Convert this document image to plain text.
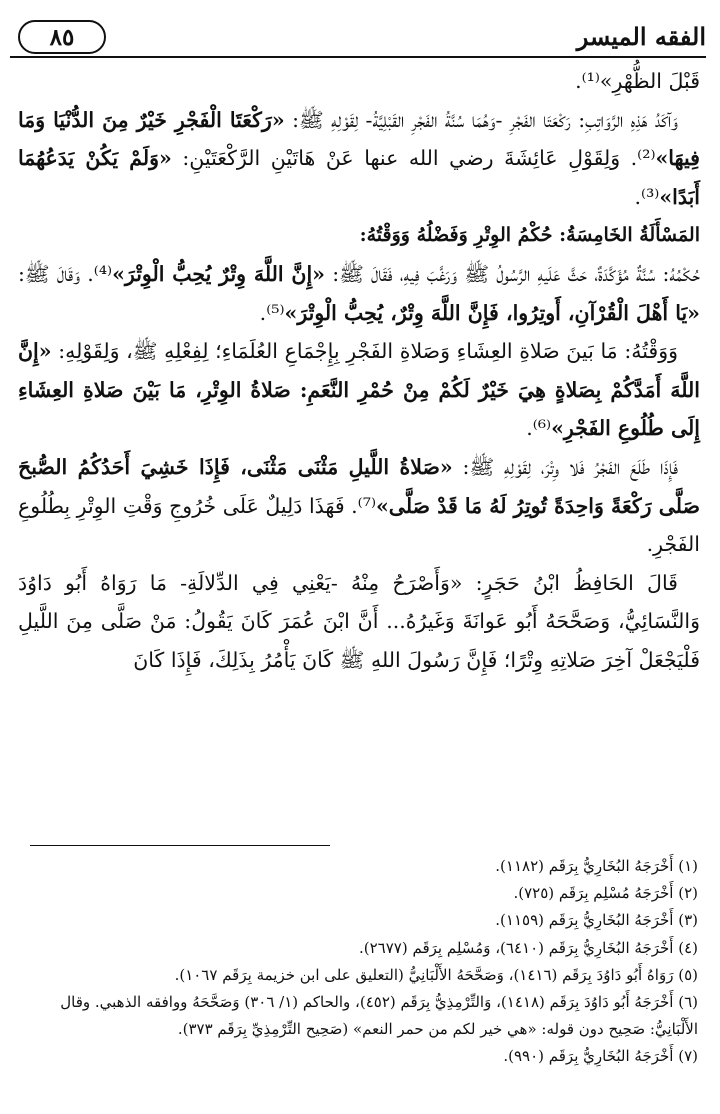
٨٥	الفقه الميسر

قَبْلَ الظُّهْرِ»⁽¹⁾.

وَآكَدُ هَذِهِ الرَّوَاتِبِ: رَكْعَتَا الفَجْرِ -وَهُمَا سُنَّةُ الفَجْرِ القَبْلِيَّةُ- لِقَوْلِهِ ﷺ: «رَكْعَتَا الْفَجْرِ خَيْرٌ مِنَ الدُّنْيَا وَمَا فِيهَا»⁽²⁾. وَلِقَوْلِ عَائِشَةَ رضي الله عنها عَنْ هَاتَيْنِ الرَّكْعَتَيْنِ: «وَلَمْ يَكُنْ يَدَعُهُمَا أَبَدًا»⁽³⁾.

المَسْأَلَةُ الخَامِسَةُ: حُكْمُ الوِتْرِ وَفَضْلُهُ وَوَقْتُهُ:

حُكْمُهُ: سُنَّةٌ مُؤَكَّدَةٌ، حَثَّ عَلَيهِ الرَّسُولُ ﷺ وَرَغَّبَ فِيهِ، فَقَالَ ﷺ: «إِنَّ اللَّهَ وِتْرٌ يُحِبُّ الْوِتْرَ»⁽⁴⁾. وَقَالَ ﷺ: «يَا أَهْلَ الْقُرْآنِ، أَوتِرُوا، فَإِنَّ اللَّهَ وِتْرٌ، يُحِبُّ الْوِتْرَ»⁽⁵⁾.

وَوَقْتُهُ: مَا بَينَ صَلاةِ العِشَاءِ وَصَلاةِ الفَجْرِ بِإِجْمَاعِ العُلَمَاءِ؛ لِفِعْلِهِ ﷺ، وَلِقَوْلِهِ: «إِنَّ اللَّهَ أَمَدَّكُمْ بِصَلاةٍ هِيَ خَيْرٌ لَكُمْ مِنْ حُمْرِ النَّعَمِ: صَلاةُ الوِتْرِ، مَا بَيْنَ صَلاةِ العِشَاءِ إِلَى طُلُوعِ الفَجْرِ»⁽⁶⁾.

فَإِذَا طَلَعَ الفَجْرُ فَلا وِتْرَ، لِقَوْلِهِ ﷺ: «صَلاةُ اللَّيلِ مَثْنَى مَثْنَى، فَإِذَا خَشِيَ أَحَدُكُمُ الصُّبحَ صَلَّى رَكْعَةً وَاحِدَةً تُوتِرُ لَهُ مَا قَدْ صَلَّى»⁽⁷⁾. فَهَذَا دَلِيلٌ عَلَى خُرُوجِ وَقْتِ الوِتْرِ بِطُلُوعِ الفَجْرِ.

قَالَ الحَافِظُ ابْنُ حَجَرٍ: «وَأَصْرَحُ مِنْهُ -يَعْنِي فِي الدِّلالَةِ- مَا رَوَاهُ أَبُو دَاوُدَ وَالنَّسَائِيُّ، وَصَحَّحَهُ أَبُو عَوانَةَ وَغَيرُهُ... أَنَّ ابْنَ عُمَرَ كَانَ يَقُولُ: مَنْ صَلَّى مِنَ اللَّيلِ فَلْيَجْعَلْ آخِرَ صَلاتِهِ وِتْرًا؛ فَإِنَّ رَسُولَ اللهِ ﷺ كَانَ يَأْمُرُ بِذَلِكَ، فَإِذَا كَانَ

(١) أَخْرَجَهُ البُخَارِيُّ بِرَقَم (١١٨٢).

(٢) أَخْرَجَهُ مُسْلِم بِرَقَم (٧٢٥).

(٣) أَخْرَجَهُ البُخَارِيُّ بِرَقَم (١١٥٩).

(٤) أَخْرَجَهُ البُخَارِيُّ بِرَقَم (٦٤١٠)، وَمُسْلِم بِرَقَم (٢٦٧٧).

(٥) رَوَاهُ أَبُو دَاوُدَ بِرَقَم (١٤١٦)، وَصَحَّحَهُ الأَلْبَانِيُّ (التعليق على ابن خزيمة بِرَقَم ١٠٦٧).

(٦) أَخْرَجَهُ أَبُو دَاوُدَ بِرَقَم (١٤١٨)، وَالتِّرْمِذِيُّ بِرَقَم (٤٥٢)، والحاكم (١/ ٣٠٦) وَصَحَّحَهُ ووافقه الذهبي. وقال الأَلْبَانِيُّ: صَحِيح دون قوله: «هي خير لكم من حمر النعم» (صَحِيح التِّرْمِذِيِّ بِرَقَم ٣٧٣).

(٧) أَخْرَجَهُ البُخَارِيُّ بِرَقَم (٩٩٠).
